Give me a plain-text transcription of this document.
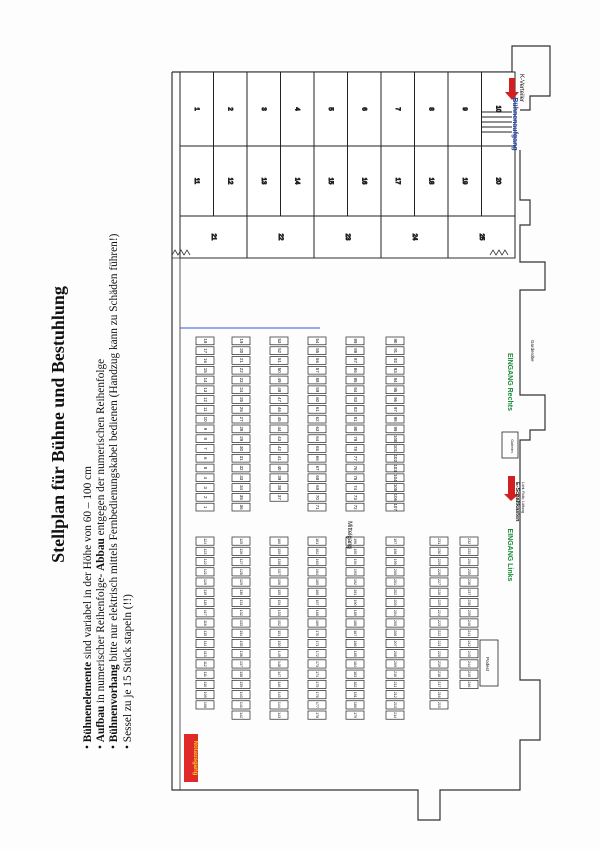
Stellplan für Bühne und Bestuhlung
• Bühnenelemente sind variabel in der Höhe von 60 – 100 cm
• Aufbau in numerischer Reihenfolge- Abbau entgegen der numerischen Reihenfolge
• Bühnenvorhang bitte nur elektrisch mittels Fernbedienungskabel bedienen (Handzug kann zu Schäden führen!)
• Sessel zu je 15 Stück stapeln (!!)
1	2	3	4	5	6	7	8	9	10
11	12	13	14	15	16	17	18	19	20
21	22	23	24	25
18
17
16
15
14
13
12
11
10
9
8
7
6
5
4
3
2
1
19
20
21
22
23
24
25
26
27
28
29
30
31
32
33
34
35
36
53
52
51
50
49
48
47
46
45
44
43
42
41
40
39
38
37
54
55
56
57
58
59
60
61
62
63
64
65
66
67
68
69
70
71
89
88
87
86
85
84
83
82
81
80
79
78
77
76
75
74
73
72
90
91
92
93
94
95
96
97
98
99
100
101
102
103
104
105
106
107
124
123
122
121
120
119
118
117
116
115
114
113
112
111
110
109
108
125
126
127
128
129
130
131
132
133
134
135
136
137
138
139
140
141
142
160
159
158
157
156
155
154
153
152
151
150
149
148
147
146
145
144
143
161
162
163
164
165
166
167
168
169
170
171
172
173
174
175
176
177
178
196
195
194
193
192
191
190
189
188
187
186
185
184
183
182
181
180
179
197
198
199
200
201
202
203
204
205
206
207
208
209
210
211
212
213
214
231
230
229
228
227
226
225
224
223
222
221
220
219
218
217
216
215
232
233
234
235
236
237
238
239
240
241
242
243
244
245
246
K-Verteiler
Bühnenaufgang
EINGANG Rechts
EINGANG Links
Mittelgang
Notausgang
E-Schaltkasten Licht, Rollo, Lüftung
Garderobe
Galerien
Podest
